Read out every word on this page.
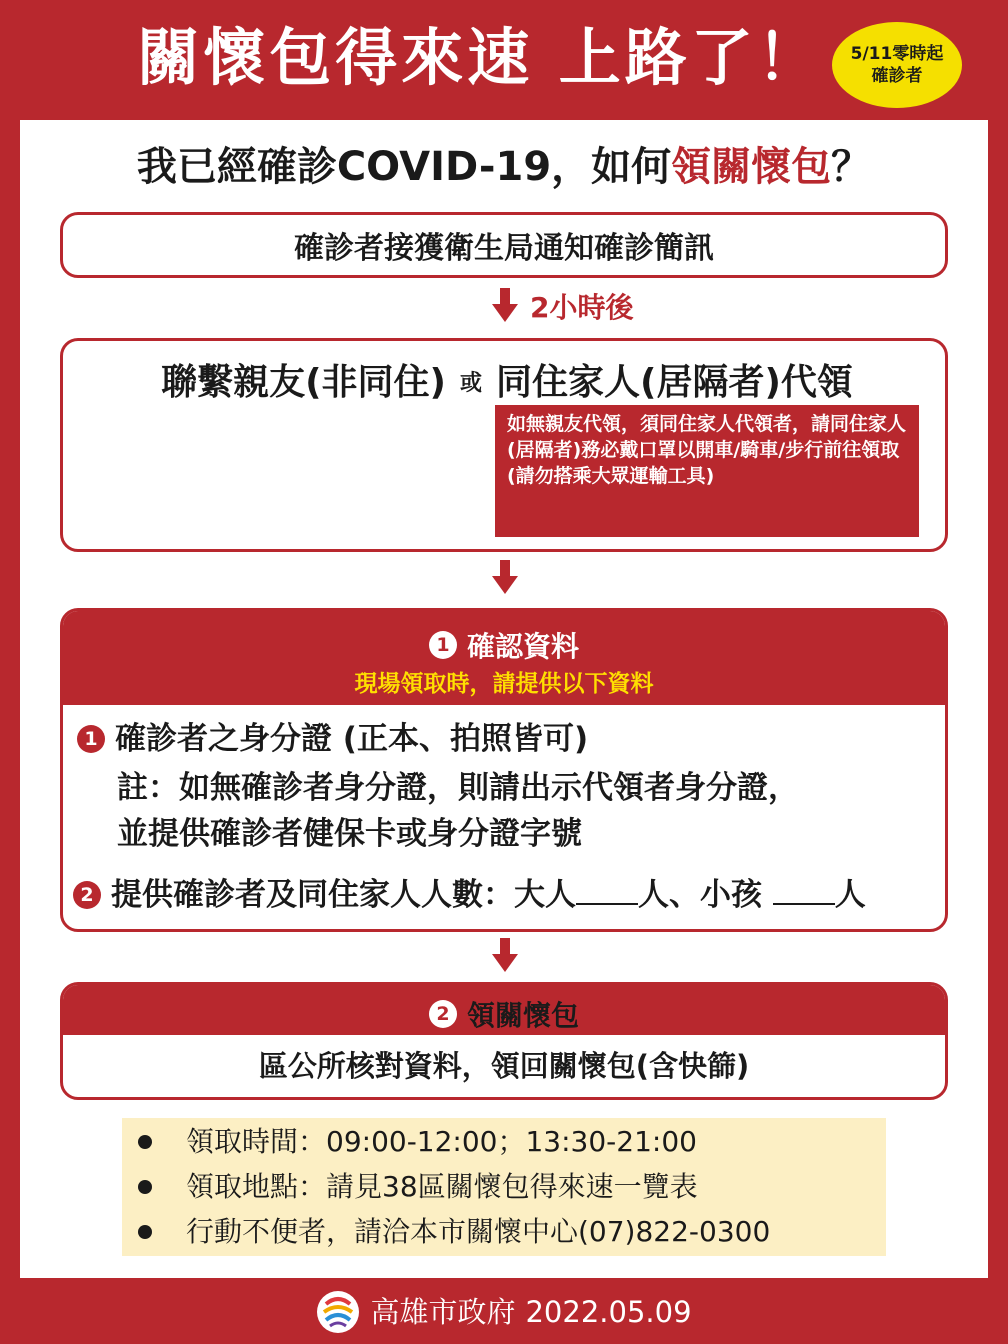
關懷包得來速 上路了！	5/11零時起
確診者
我已經確診COVID-19，如何領關懷包？
確診者接獲衛生局通知確診簡訊
2小時後
聯繫親友(非同住) 或 同住家人(居隔者)代領
如無親友代領，須同住家人代領者，請同住家人(居隔者)務必戴口罩以開車/騎車/步行前往領取(請勿搭乘大眾運輸工具)
1 確認資料
現場領取時，請提供以下資料
1 確診者之身分證 (正本、拍照皆可)
註：如無確診者身分證，則請出示代領者身分證，
並提供確診者健保卡或身分證字號
2 提供確診者及同住家人人數：大人 人、小孩 人
2 領關懷包
區公所核對資料，領回關懷包(含快篩)
領取時間：09:00-12:00；13:30-21:00
領取地點：請見38區關懷包得來速一覽表
行動不便者，請洽本市關懷中心(07)822-0300
高雄市政府 2022.05.09
